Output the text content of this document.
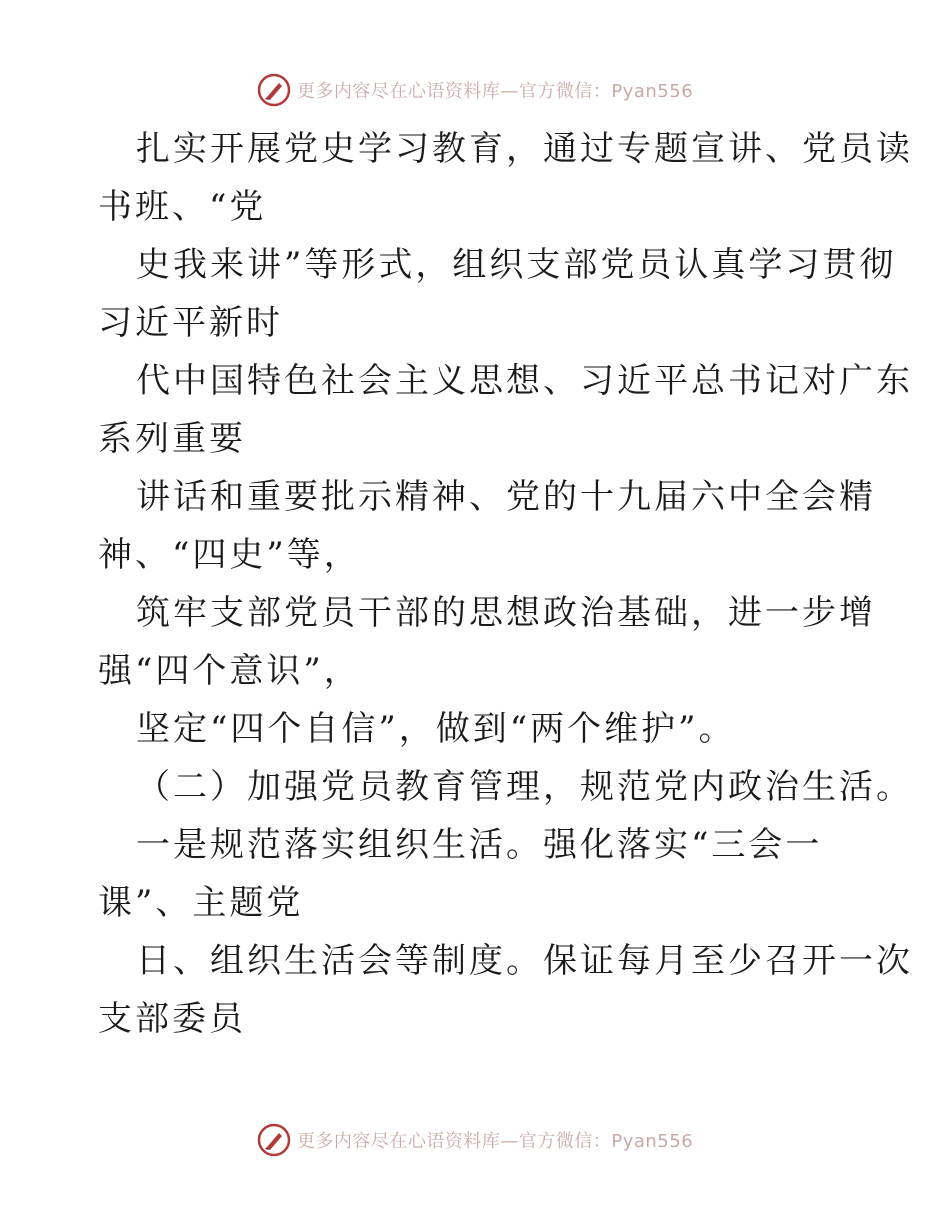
更多内容尽在心语资料库—官方微信：Pyan556

扎实开展党史学习教育，通过专题宣讲、党员读
书班、“党

史我来讲”等形式，组织支部党员认真学习贯彻
习近平新时

代中国特色社会主义思想、习近平总书记对广东
系列重要

讲话和重要批示精神、党的十九届六中全会精
神、“四史”等，

筑牢支部党员干部的思想政治基础，进一步增
强“四个意识”，

坚定“四个自信”，做到“两个维护”。

（二）加强党员教育管理，规范党内政治生活。

一是规范落实组织生活。强化落实“三会一
课”、主题党

日、组织生活会等制度。保证每月至少召开一次
支部委员

更多内容尽在心语资料库—官方微信：Pyan556
